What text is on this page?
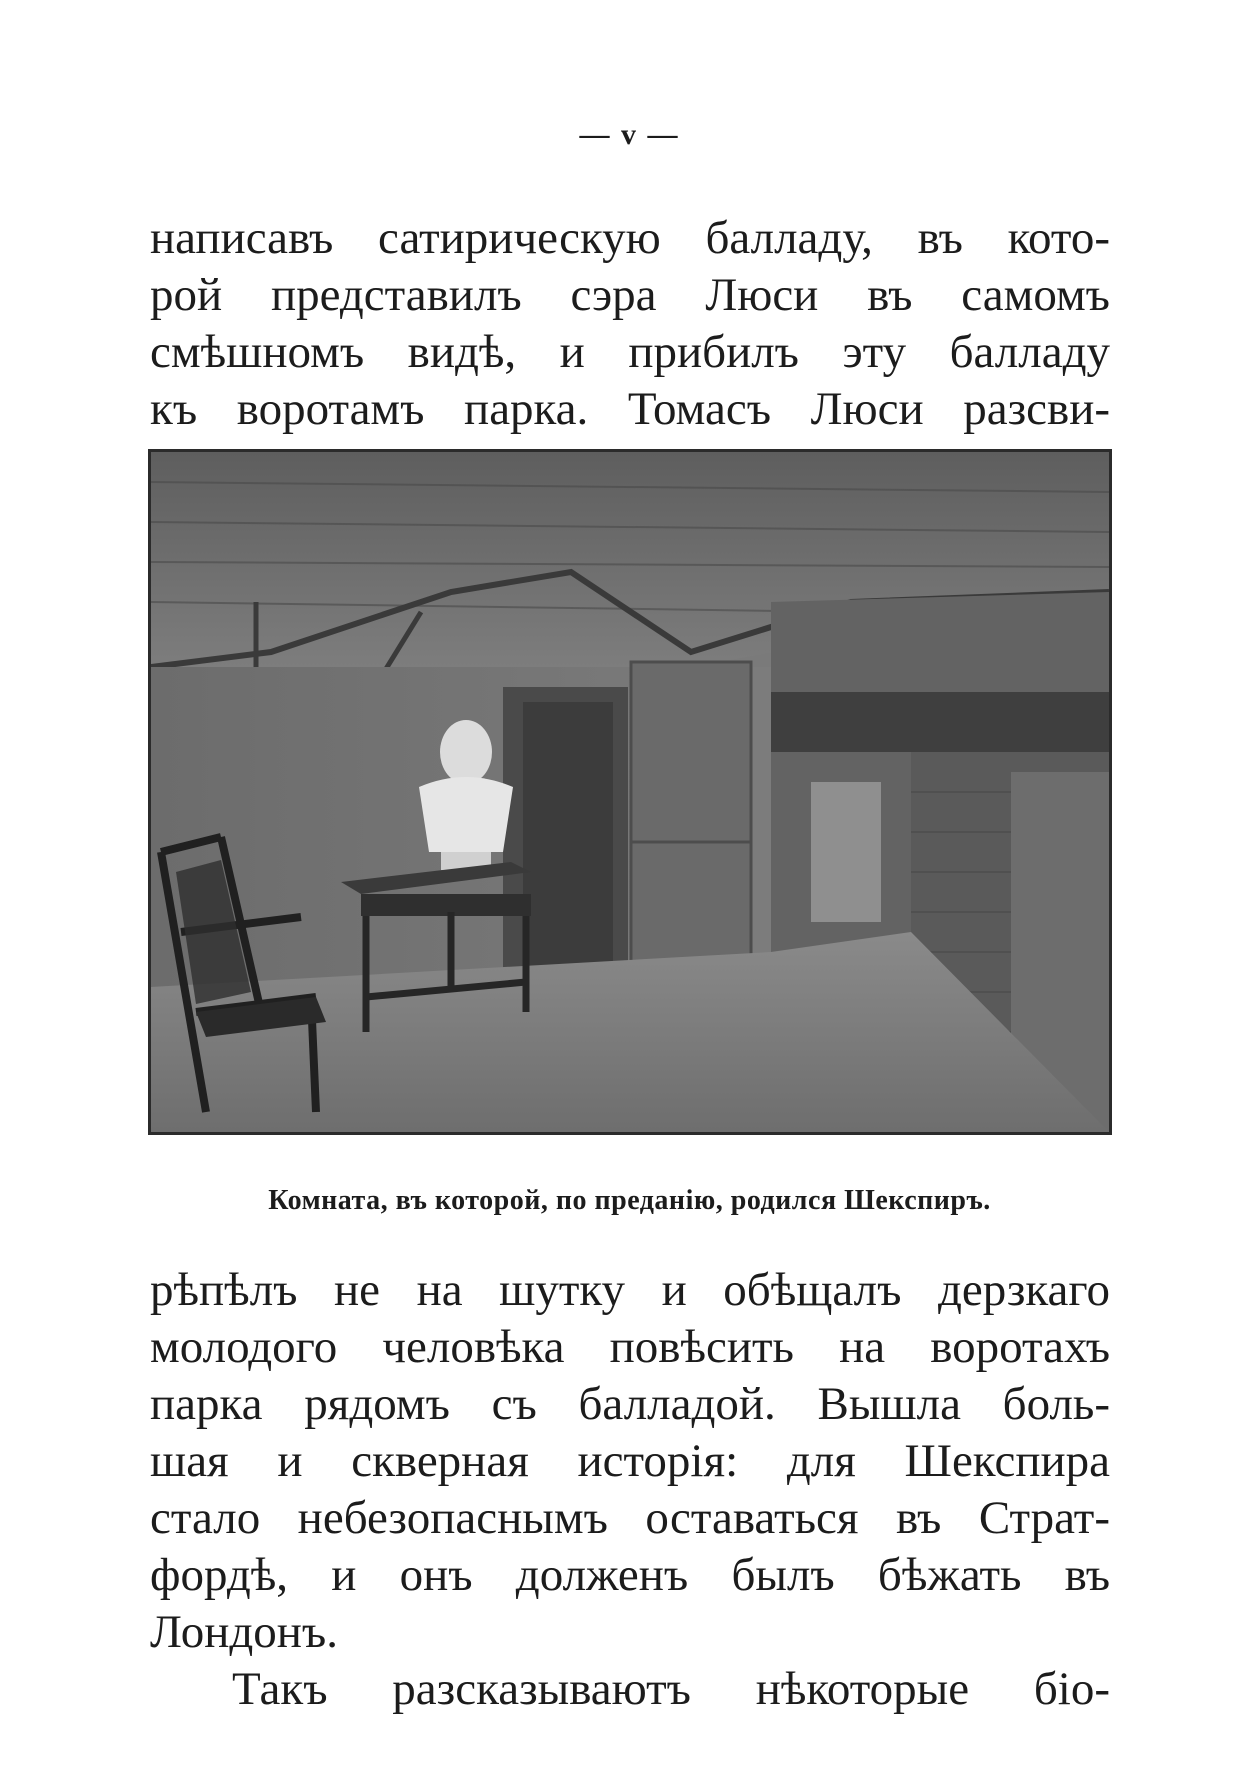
— v —
написавъ сатирическую балладу, въ кото-
рой представилъ сэра Люси въ самомъ
смѣшномъ видѣ, и прибилъ эту балладу
къ воротамъ парка. Томасъ Люси разсви-
Комната, въ которой, по преданію, родился Шекспиръ.
рѣпѣлъ не на шутку и обѣщалъ дерзкаго
молодого человѣка повѣсить на воротахъ
парка рядомъ съ балладой. Вышла боль-
шая и скверная исторія: для Шекспира
стало небезопаснымъ оставаться въ Страт-
фордѣ, и онъ долженъ былъ бѣжать въ
Лондонъ.
Такъ разсказываютъ нѣкоторые біо-
